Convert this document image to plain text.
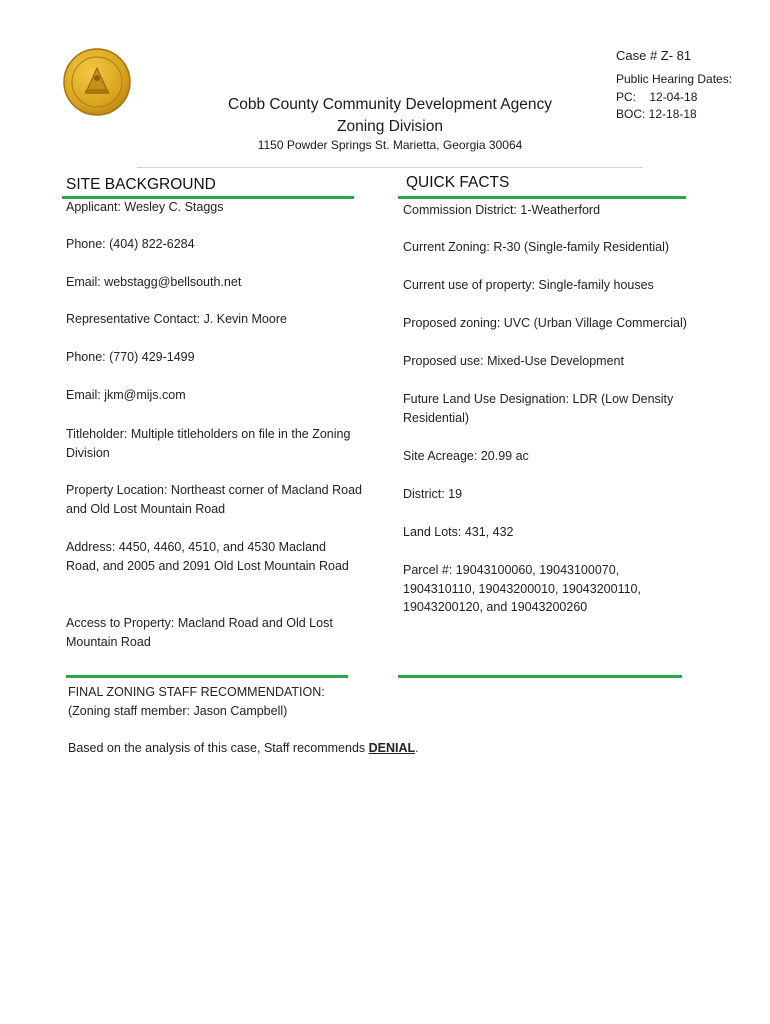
Cobb County Community Development Agency
Zoning Division
1150 Powder Springs St. Marietta, Georgia 30064
Case # Z- 81
Public Hearing Dates:
PC:    12-04-18
BOC: 12-18-18
SITE BACKGROUND
Applicant: Wesley C. Staggs
Phone: (404) 822-6284
Email: webstagg@bellsouth.net
Representative Contact: J. Kevin Moore
Phone: (770) 429-1499
Email: jkm@mijs.com
Titleholder: Multiple titleholders on file in the Zoning Division
Property Location: Northeast corner of Macland Road and Old Lost Mountain Road
Address: 4450, 4460, 4510, and 4530 Macland Road, and 2005 and 2091 Old Lost Mountain Road
Access to Property: Macland Road and Old Lost Mountain Road
QUICK FACTS
Commission District: 1-Weatherford
Current Zoning: R-30 (Single-family Residential)
Current use of property: Single-family houses
Proposed zoning: UVC (Urban Village Commercial)
Proposed use: Mixed-Use Development
Future Land Use Designation: LDR (Low Density Residential)
Site Acreage: 20.99 ac
District: 19
Land Lots: 431, 432
Parcel #: 19043100060, 19043100070, 1904310110, 19043200010, 19043200110, 19043200120, and 19043200260
FINAL ZONING STAFF RECOMMENDATION:
(Zoning staff member: Jason Campbell)
Based on the analysis of this case, Staff recommends DENIAL.
